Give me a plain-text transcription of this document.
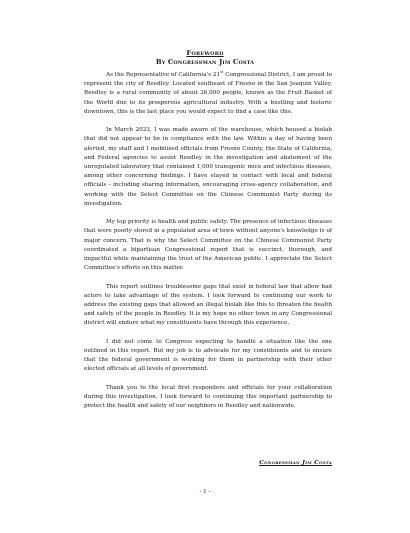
Foreword
By Congressman Jim Costa

As the Representative of California's 21st Congressional District, I am proud to represent the city of Reedley. Located southeast of Fresno in the San Joaquin Valley, Reedley is a rural community of about 26,000 people, known as the Fruit Basket of the World due to its prosperous agricultural industry. With a bustling and historic downtown, this is the last place you would expect to find a case like this.

In March 2023, I was made aware of the warehouse, which housed a biolab that did not appear to be in compliance with the law. Within a day of having been alerted, my staff and I mobilized officials from Fresno County, the State of California, and Federal agencies to assist Reedley in the investigation and abatement of the unregulated laboratory that contained 1,000 transgenic mice and infectious diseases, among other concerning findings. I have stayed in contact with local and federal officials – including sharing information, encouraging cross-agency collaboration, and working with the Select Committee on the Chinese Communist Party during its investigation.

My top priority is health and public safety. The presence of infectious diseases that were poorly stored in a populated area of town without anyone's knowledge is of major concern. That is why the Select Committee on the Chinese Communist Party coordinated a bipartisan Congressional report that is succinct, thorough, and impactful while maintaining the trust of the American public. I appreciate the Select Committee's efforts on this matter.

This report outlines troublesome gaps that exist in federal law that allow bad actors to take advantage of the system. I look forward to continuing our work to address the existing gaps that allowed an illegal biolab like this to threaten the health and safety of the people in Reedley. It is my hope no other town in any Congressional district will endure what my constituents have through this experience.

I did not come to Congress expecting to handle a situation like the one outlined in this report. But my job is to advocate for my constituents and to ensure that the federal government is working for them in partnership with their other elected officials at all levels of government.

Thank you to the local first responders and officials for your collaboration during this investigation. I look forward to continuing this important partnership to protect the health and safety of our neighbors in Reedley and nationwide.

Congressman Jim Costa
- 1 -
